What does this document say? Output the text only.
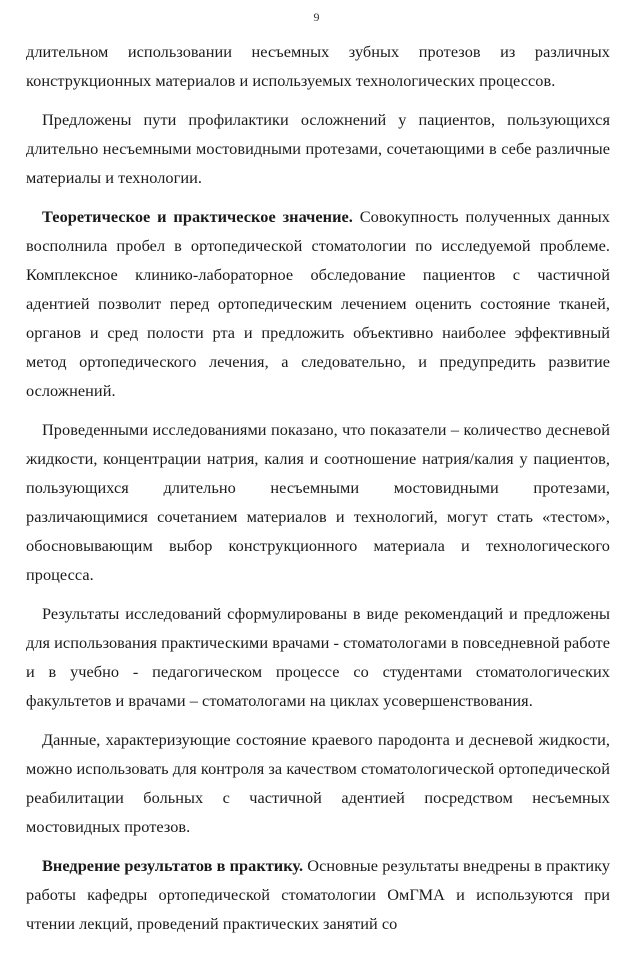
9

длительном использовании несъемных зубных протезов из различных конструкционных материалов и используемых технологических процессов.

Предложены пути профилактики осложнений у пациентов, пользующихся длительно несъемными мостовидными протезами, сочетающими в себе различные материалы и технологии.

Теоретическое и практическое значение. Совокупность полученных данных восполнила пробел в ортопедической стоматологии по исследуемой проблеме. Комплексное клинико-лабораторное обследование пациентов с частичной адентией позволит перед ортопедическим лечением оценить состояние тканей, органов и сред полости рта и предложить объективно наиболее эффективный метод ортопедического лечения, а следовательно, и предупредить развитие осложнений.

Проведенными исследованиями показано, что показатели – количество десневой жидкости, концентрации натрия, калия и соотношение натрия/калия у пациентов, пользующихся длительно несъемными мостовидными протезами, различающимися сочетанием материалов и технологий, могут стать «тестом», обосновывающим выбор конструкционного материала и технологического процесса.

Результаты исследований сформулированы в виде рекомендаций и предложены для использования практическими врачами - стоматологами в повседневной работе и в учебно - педагогическом процессе со студентами стоматологических факультетов и врачами – стоматологами на циклах усовершенствования.

Данные, характеризующие состояние краевого пародонта и десневой жидкости, можно использовать для контроля за качеством стоматологической ортопедической реабилитации больных с частичной адентией посредством несъемных мостовидных протезов.

Внедрение результатов в практику. Основные результаты внедрены в практику работы кафедры ортопедической стоматологии ОмГМА и используются при чтении лекций, проведений практических занятий со
